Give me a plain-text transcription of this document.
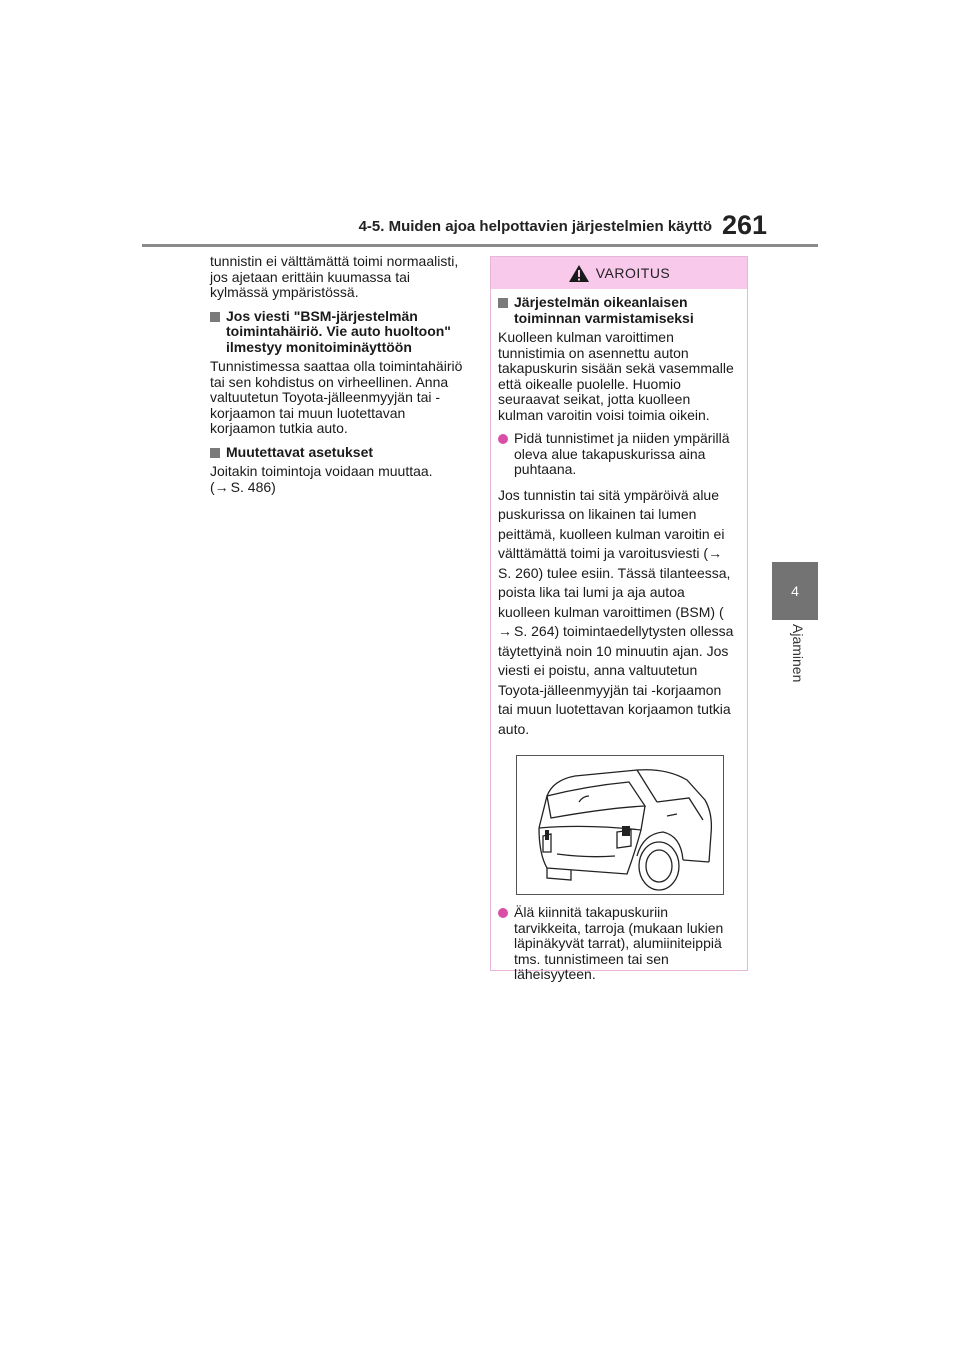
4-5. Muiden ajoa helpottavien järjestelmien käyttö 261
4
Ajaminen

tunnistin ei välttämättä toimi normaalisti, jos ajetaan erittäin kuumassa tai kylmässä ympäristössä.

Jos viesti "BSM-järjestelmän toimintahäiriö. Vie auto huoltoon" ilmestyy monitoiminäyttöön

Tunnistimessa saattaa olla toimintahäiriö tai sen kohdistus on virheellinen. Anna valtuutetun Toyota-jälleenmyyjän tai -korjaamon tai muun luotettavan korjaamon tutkia auto.

Muutettavat asetukset

Joitakin toimintoja voidaan muuttaa.
(→ S. 486)

VAROITUS
Järjestelmän oikeanlaisen toiminnan varmistamiseksi

Kuolleen kulman varoittimen tunnistimia on asennettu auton takapuskurin sisään sekä vasemmalle että oikealle puolelle. Huomio seuraavat seikat, jotta kuolleen kulman varoitin voisi toimia oikein.

Pidä tunnistimet ja niiden ympärillä oleva alue takapuskurissa aina puhtaana.
Jos tunnistin tai sitä ympäröivä alue puskurissa on likainen tai lumen peittämä, kuolleen kulman varoitin ei välttämättä toimi ja varoitusviesti (→S. 260) tulee esiin. Tässä tilanteessa, poista lika tai lumi ja aja autoa kuolleen kulman varoittimen (BSM) (→ S. 264) toimintaedellytysten ollessa täytettyinä noin 10 minuutin ajan. Jos viesti ei poistu, anna valtuutetun Toyota-jälleenmyyjän tai -korjaamon tai muun luotettavan korjaamon tutkia auto.
Älä kiinnitä takapuskuriin tarvikkeita, tarroja (mukaan lukien läpinäkyvät tarrat), alumiiniteippiä tms. tunnistimeen tai sen läheisyyteen.
